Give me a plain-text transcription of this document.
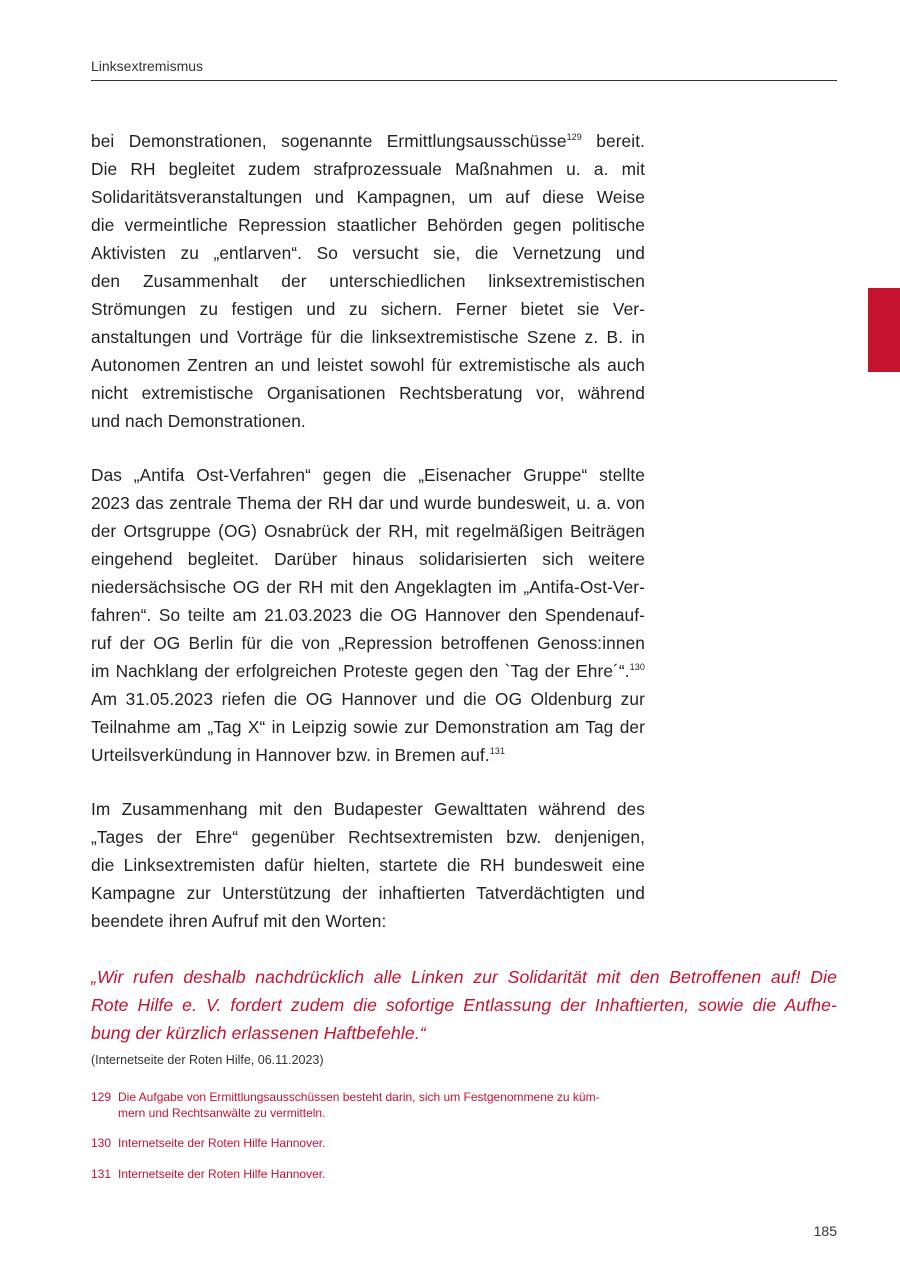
Linksextremismus
bei Demonstrationen, sogenannte Ermittlungsausschüsse$^{129}$ bereit.
Die RH begleitet zudem strafprozessuale Maßnahmen u. a. mit
Solidaritätsveranstaltungen und Kampagnen, um auf diese Weise
die vermeintliche Repression staatlicher Behörden gegen politische
Aktivisten zu „entlarven“. So versucht sie, die Vernetzung und
den Zusammenhalt der unterschiedlichen linksextremistischen
Strömungen zu festigen und zu sichern. Ferner bietet sie Ver-
anstaltungen und Vorträge für die linksextremistische Szene z. B. in
Autonomen Zentren an und leistet sowohl für extremistische als auch
nicht extremistische Organisationen Rechtsberatung vor, während
und nach Demonstrationen.
Das „Antifa Ost-Verfahren“ gegen die „Eisenacher Gruppe“ stellte
2023 das zentrale Thema der RH dar und wurde bundesweit, u. a. von
der Ortsgruppe (OG) Osnabrück der RH, mit regelmäßigen Beiträgen
eingehend begleitet. Darüber hinaus solidarisierten sich weitere
niedersächsische OG der RH mit den Angeklagten im „Antifa-Ost-Ver-
fahren“. So teilte am 21.03.2023 die OG Hannover den Spendenauf-
ruf der OG Berlin für die von „Repression betroffenen Genoss:innen
im Nachklang der erfolgreichen Proteste gegen den `Tag der Ehre´“.$^{130}$
Am 31.05.2023 riefen die OG Hannover und die OG Oldenburg zur
Teilnahme am „Tag X“ in Leipzig sowie zur Demonstration am Tag der
Urteilsverkündung in Hannover bzw. in Bremen auf.$^{131}$
Im Zusammenhang mit den Budapester Gewalttaten während des
„Tages der Ehre“ gegenüber Rechtsextremisten bzw. denjenigen,
die Linksextremisten dafür hielten, startete die RH bundesweit eine
Kampagne zur Unterstützung der inhaftierten Tatverdächtigten und
beendete ihren Aufruf mit den Worten:
„Wir rufen deshalb nachdrücklich alle Linken zur Solidarität mit den Betroffenen auf! Die
Rote Hilfe e. V. fordert zudem die sofortige Entlassung der Inhaftierten, sowie die Aufhe-
bung der kürzlich erlassenen Haftbefehle.“
(Internetseite der Roten Hilfe, 06.11.2023)
129 Die Aufgabe von Ermittlungsausschüssen besteht darin, sich um Festgenommene zu küm-
mern und Rechtsanwälte zu vermitteln.
130 Internetseite der Roten Hilfe Hannover.
131 Internetseite der Roten Hilfe Hannover.
185
